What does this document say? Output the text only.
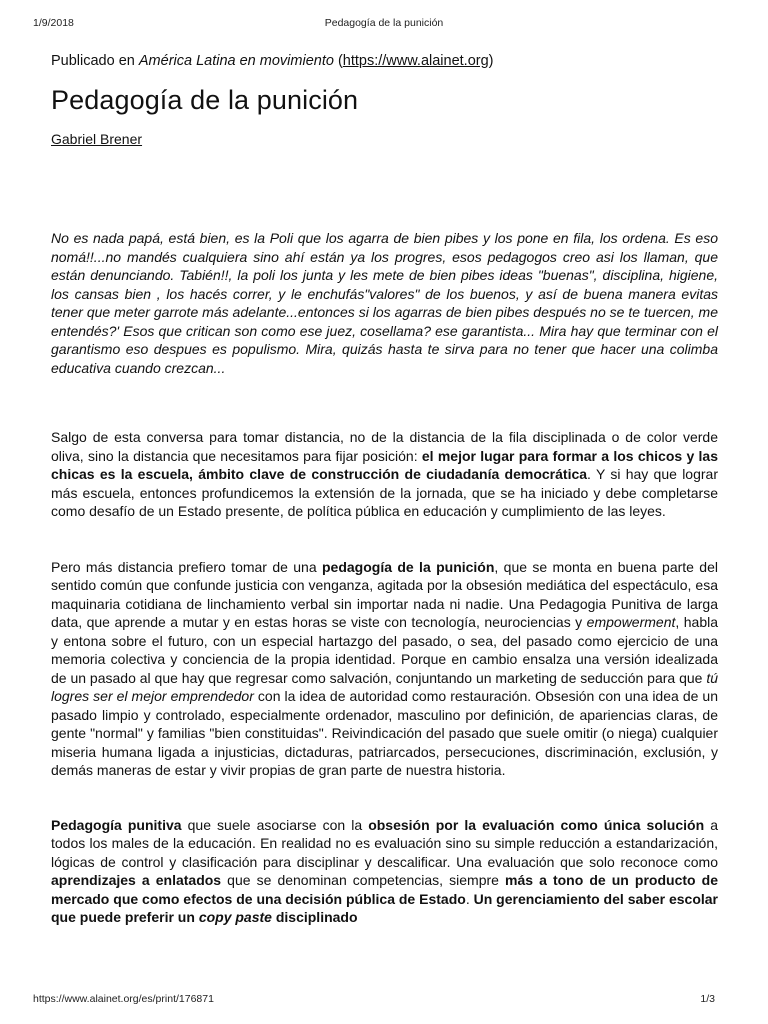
1/9/2018	Pedagogía de la punición

Publicado en América Latina en movimiento (https://www.alainet.org)

Pedagogía de la punición

Gabriel Brener

No es nada papá, está bien, es la Poli que los agarra de bien pibes y los pone en fila, los ordena. Es eso nomá!!...no mandés cualquiera sino ahí están ya los progres, esos pedagogos creo asi los llaman, que están denunciando. Tabién!!, la poli los junta y les mete de bien pibes ideas "buenas", disciplina, higiene, los cansas bien , los hacés correr, y le enchufás"valores" de los buenos, y así de buena manera evitas tener que meter garrote más adelante...entonces si los agarras de bien pibes después no se te tuercen, me entendés?' Esos que critican son como ese juez, cosellama? ese garantista... Mira hay que terminar con el garantismo eso despues es populismo. Mira, quizás hasta te sirva para no tener que hacer una colimba educativa cuando crezcan...

Salgo de esta conversa para tomar distancia, no de la distancia de la fila disciplinada o de color verde oliva, sino la distancia que necesitamos para fijar posición: el mejor lugar para formar a los chicos y las chicas es la escuela, ámbito clave de construcción de ciudadanía democrática. Y si hay que lograr más escuela, entonces profundicemos la extensión de la jornada, que se ha iniciado y debe completarse como desafío de un Estado presente, de política pública en educación y cumplimiento de las leyes.

Pero más distancia prefiero tomar de una pedagogía de la punición, que se monta en buena parte del sentido común que confunde justicia con venganza, agitada por la obsesión mediática del espectáculo, esa maquinaria cotidiana de linchamiento verbal sin importar nada ni nadie. Una Pedagogia Punitiva de larga data, que aprende a mutar y en estas horas se viste con tecnología, neurociencias y empowerment, habla y entona sobre el futuro, con un especial hartazgo del pasado, o sea, del pasado como ejercicio de una memoria colectiva y conciencia de la propia identidad. Porque en cambio ensalza una versión idealizada de un pasado al que hay que regresar como salvación, conjuntando un marketing de seducción para que tú logres ser el mejor emprendedor con la idea de autoridad como restauración. Obsesión con una idea de un pasado limpio y controlado, especialmente ordenador, masculino por definición, de apariencias claras, de gente "normal" y familias "bien constituidas". Reivindicación del pasado que suele omitir (o niega) cualquier miseria humana ligada a injusticias, dictaduras, patriarcados, persecuciones, discriminación, exclusión, y demás maneras de estar y vivir propias de gran parte de nuestra historia.

Pedagogía punitiva que suele asociarse con la obsesión por la evaluación como única solución a todos los males de la educación. En realidad no es evaluación sino su simple reducción a estandarización, lógicas de control y clasificación para disciplinar y descalificar. Una evaluación que solo reconoce como aprendizajes a enlatados que se denominan competencias, siempre más a tono de un producto de mercado que como efectos de una decisión pública de Estado. Un gerenciamiento del saber escolar que puede preferir un copy paste disciplinado

https://www.alainet.org/es/print/176871	1/3
